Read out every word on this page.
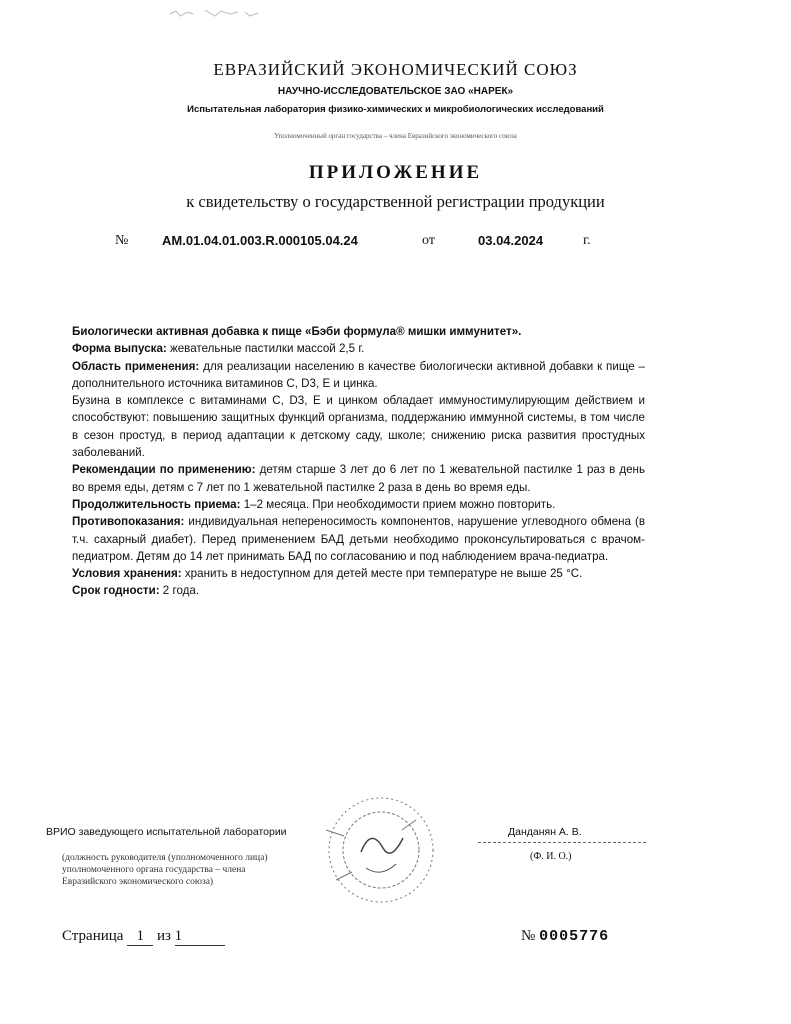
ЕВРАЗИЙСКИЙ ЭКОНОМИЧЕСКИЙ СОЮЗ
НАУЧНО-ИССЛЕДОВАТЕЛЬСКОЕ ЗАО «НАРЕК»
Испытательная лаборатория физико-химических и микробиологических исследований
Уполномоченный орган государства – члена Евразийского экономического союза
ПРИЛОЖЕНИЕ
к свидетельству о государственной регистрации продукции
№	AM.01.04.01.003.R.000105.04.24	от	03.04.2024	г.

Биологически активная добавка к пище «Бэби формула® мишки иммунитет».

Форма выпуска: жевательные пастилки массой 2,5 г.

Область применения: для реализации населению в качестве биологически активной добавки к пище – дополнительного источника витаминов С, D3, Е и цинка.

Бузина в комплексе с витаминами С, D3, Е и цинком обладает иммуностимулирующим действием и способствуют: повышению защитных функций организма, поддержанию иммунной системы, в том числе в сезон простуд, в период адаптации к детскому саду, школе; снижению риска развития простудных заболеваний.

Рекомендации по применению: детям старше 3 лет до 6 лет по 1 жевательной пастилке 1 раз в день во время еды, детям с 7 лет по 1 жевательной пастилке 2 раза в день во время еды.

Продолжительность приема: 1–2 месяца. При необходимости прием можно повторить.

Противопоказания: индивидуальная непереносимость компонентов, нарушение углеводного обмена (в т.ч. сахарный диабет). Перед применением БАД детьми необходимо проконсультироваться с врачом-педиатром. Детям до 14 лет принимать БАД по согласованию и под наблюдением врача-педиатра.

Условия хранения: хранить в недоступном для детей месте при температуре не выше 25 °С.

Срок годности: 2 года.

ВРИО заведующего испытательной лаборатории	Данданян А. В.
(Ф. И. О.)
(должность руководителя (уполномоченного лица) уполномоченного органа государства – члена Евразийского экономического союза)
Страница 1 из 1	№ 0005776
